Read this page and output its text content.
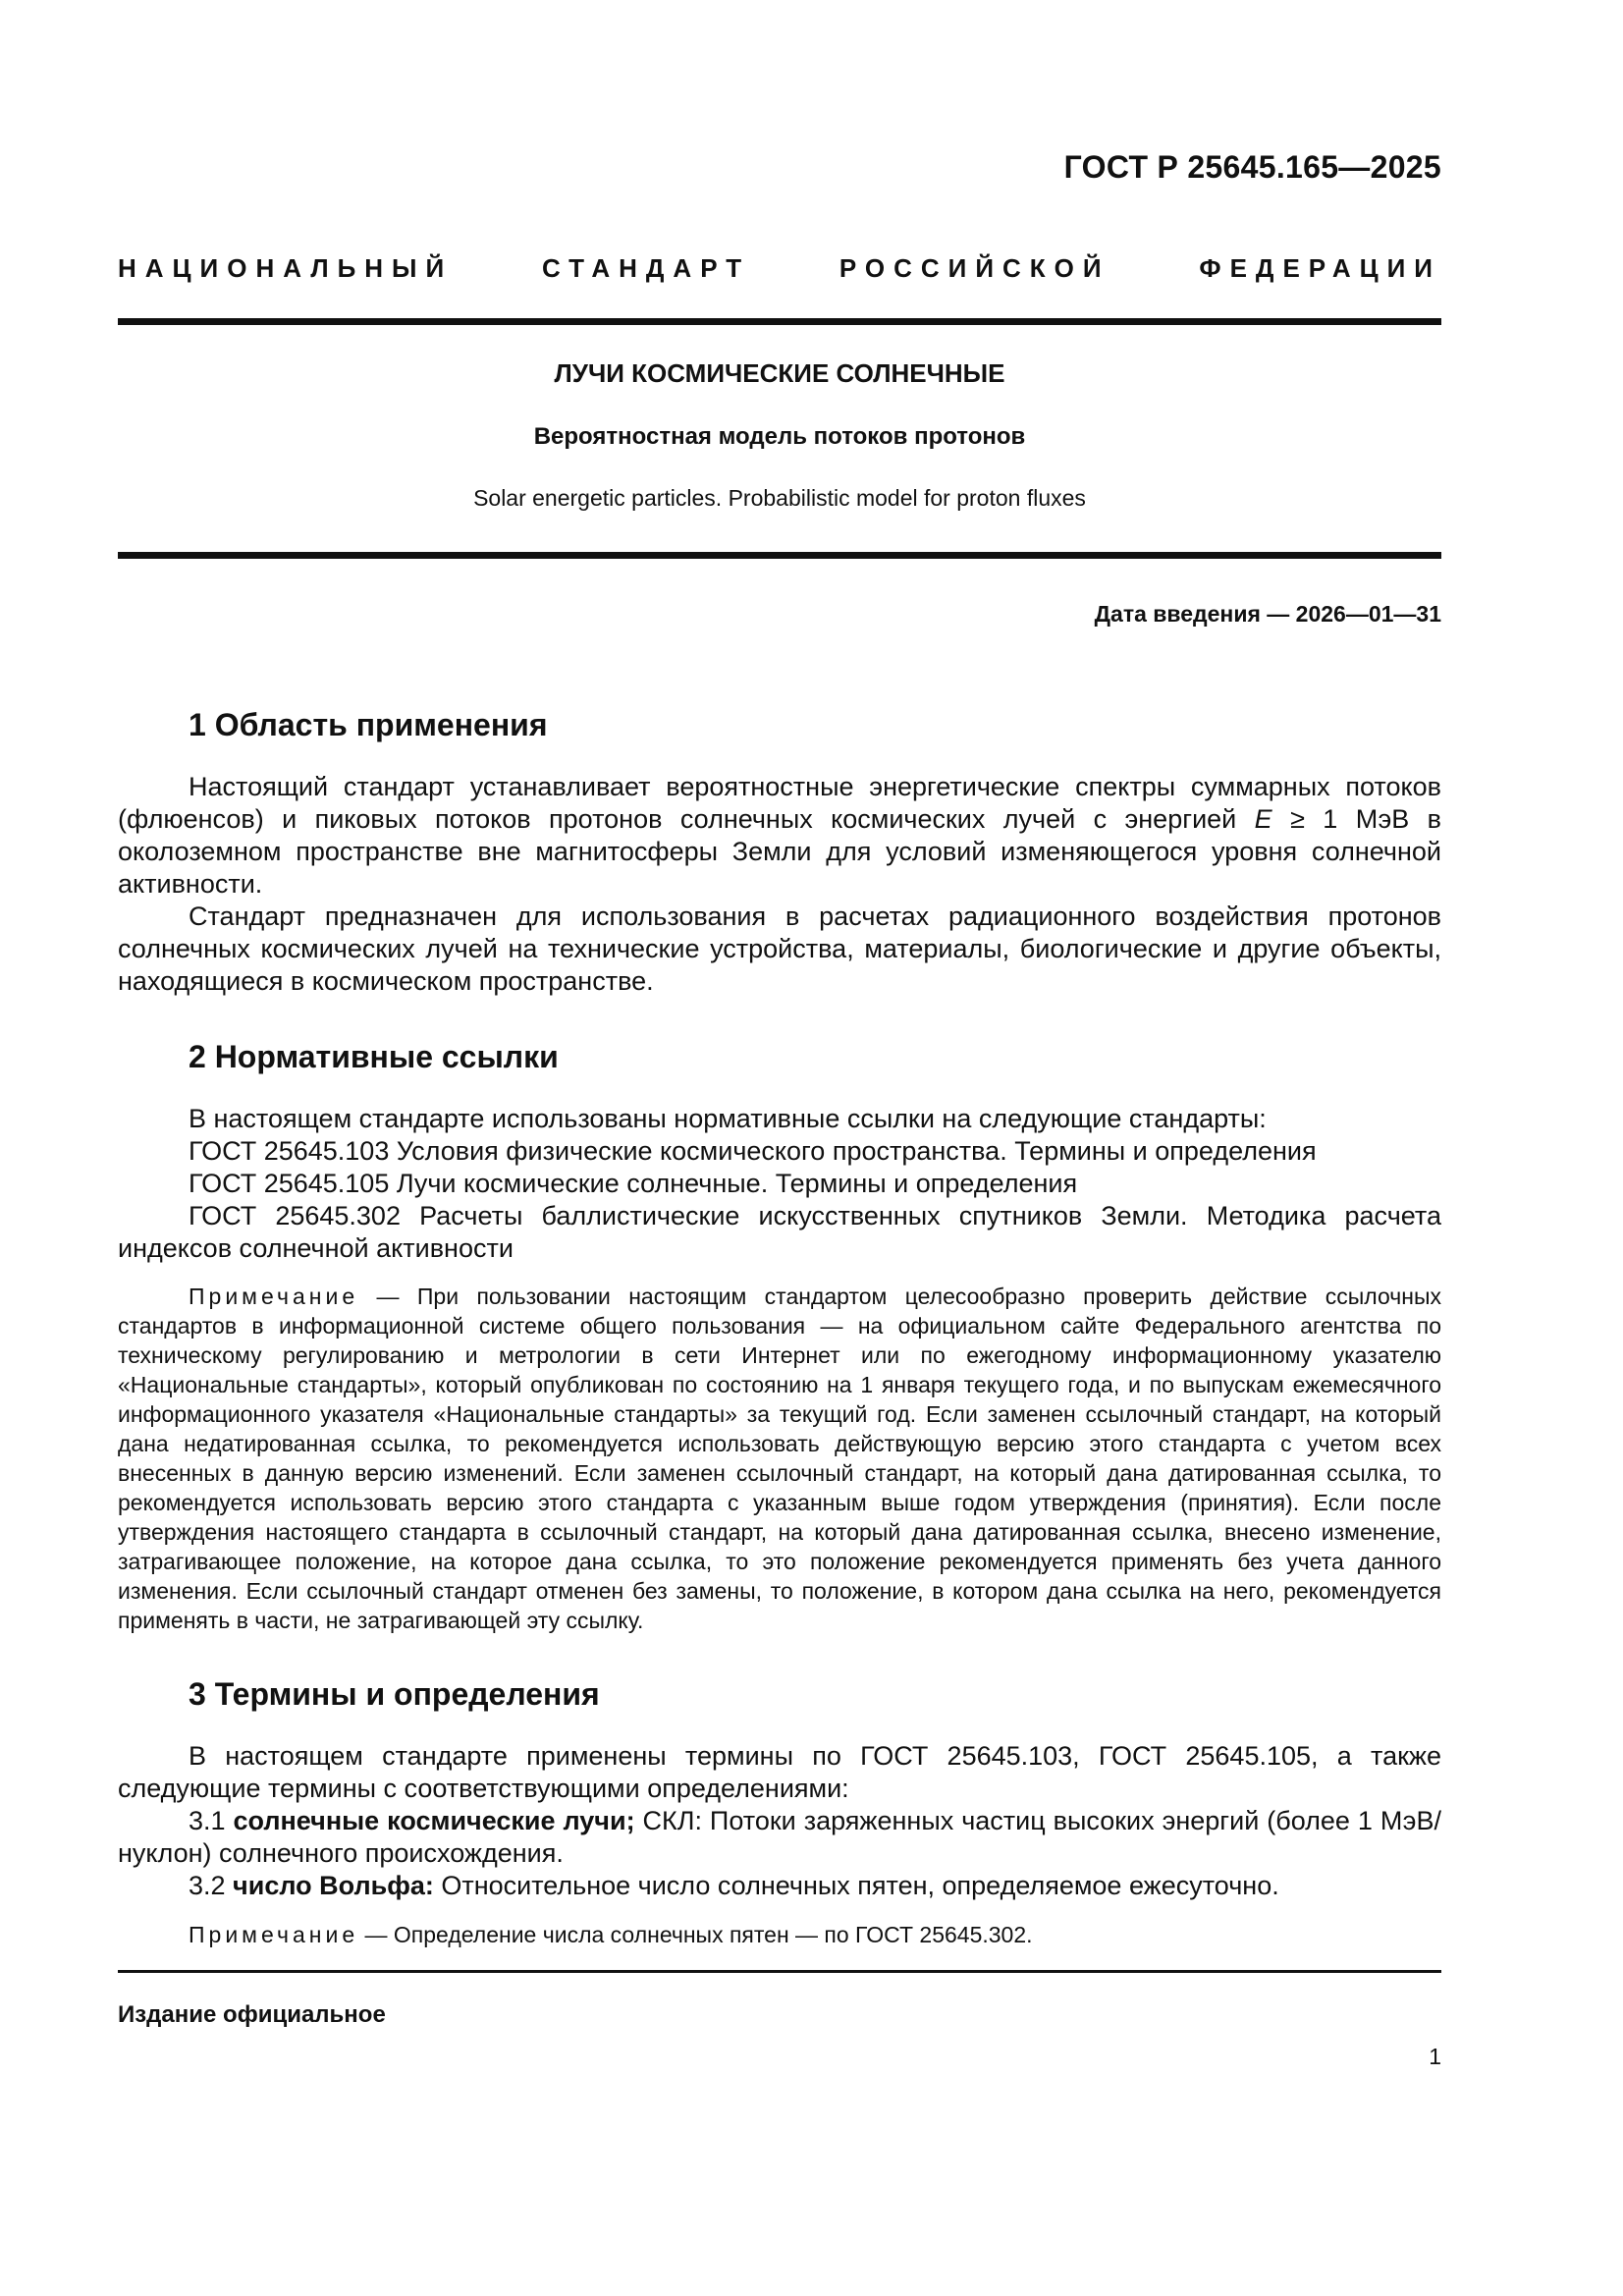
ГОСТ Р 25645.165—2025
НАЦИОНАЛЬНЫЙ СТАНДАРТ РОССИЙСКОЙ ФЕДЕРАЦИИ
ЛУЧИ КОСМИЧЕСКИЕ СОЛНЕЧНЫЕ
Вероятностная модель потоков протонов
Solar energetic particles. Probabilistic model for proton fluxes
Дата введения — 2026—01—31
1 Область применения

Настоящий стандарт устанавливает вероятностные энергетические спектры суммарных потоков (флюенсов) и пиковых потоков протонов солнечных космических лучей с энергией E ≥ 1 МэВ в околоземном пространстве вне магнитосферы Земли для условий изменяющегося уровня солнечной активности.

Стандарт предназначен для использования в расчетах радиационного воздействия протонов солнечных космических лучей на технические устройства, материалы, биологические и другие объекты, находящиеся в космическом пространстве.

2 Нормативные ссылки

В настоящем стандарте использованы нормативные ссылки на следующие стандарты:

ГОСТ 25645.103 Условия физические космического пространства. Термины и определения

ГОСТ 25645.105 Лучи космические солнечные. Термины и определения

ГОСТ 25645.302 Расчеты баллистические искусственных спутников Земли. Методика расчета индексов солнечной активности

Примечание — При пользовании настоящим стандартом целесообразно проверить действие ссылочных стандартов в информационной системе общего пользования — на официальном сайте Федерального агентства по техническому регулированию и метрологии в сети Интернет или по ежегодному информационному указателю «Национальные стандарты», который опубликован по состоянию на 1 января текущего года, и по выпускам ежемесячного информационного указателя «Национальные стандарты» за текущий год. Если заменен ссылочный стандарт, на который дана недатированная ссылка, то рекомендуется использовать действующую версию этого стандарта с учетом всех внесенных в данную версию изменений. Если заменен ссылочный стандарт, на который дана датированная ссылка, то рекомендуется использовать версию этого стандарта с указанным выше годом утверждения (принятия). Если после утверждения настоящего стандарта в ссылочный стандарт, на который дана датированная ссылка, внесено изменение, затрагивающее положение, на которое дана ссылка, то это положение рекомендуется применять без учета данного изменения. Если ссылочный стандарт отменен без замены, то положение, в котором дана ссылка на него, рекомендуется применять в части, не затрагивающей эту ссылку.

3 Термины и определения

В настоящем стандарте применены термины по ГОСТ 25645.103, ГОСТ 25645.105, а также следующие термины с соответствующими определениями:

3.1 солнечные космические лучи; СКЛ: Потоки заряженных частиц высоких энергий (более 1 МэВ/нуклон) солнечного происхождения.

3.2 число Вольфа: Относительное число солнечных пятен, определяемое ежесуточно.

Примечание — Определение числа солнечных пятен — по ГОСТ 25645.302.

Издание официальное
1
